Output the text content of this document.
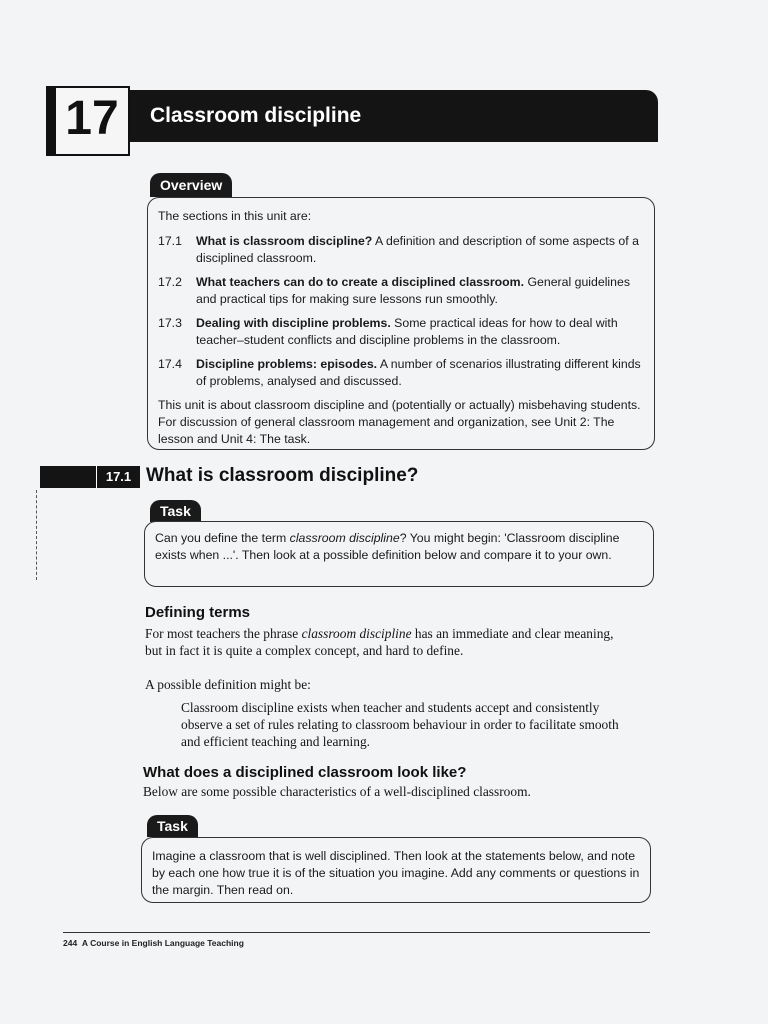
17	Classroom discipline
Overview
The sections in this unit are:
17.1	What is classroom discipline? A definition and description of some aspects of a disciplined classroom.
17.2	What teachers can do to create a disciplined classroom. General guidelines and practical tips for making sure lessons run smoothly.
17.3	Dealing with discipline problems. Some practical ideas for how to deal with teacher–student conflicts and discipline problems in the classroom.
17.4	Discipline problems: episodes. A number of scenarios illustrating different kinds of problems, analysed and discussed.
This unit is about classroom discipline and (potentially or actually) misbehaving students. For discussion of general classroom management and organization, see Unit 2: The lesson and Unit 4: The task.
17.1 What is classroom discipline?
Task
Can you define the term classroom discipline? You might begin: 'Classroom discipline exists when ...'. Then look at a possible definition below and compare it to your own.
Defining terms
For most teachers the phrase classroom discipline has an immediate and clear meaning, but in fact it is quite a complex concept, and hard to define.
A possible definition might be:
Classroom discipline exists when teacher and students accept and consistently observe a set of rules relating to classroom behaviour in order to facilitate smooth and efficient teaching and learning.
What does a disciplined classroom look like?
Below are some possible characteristics of a well-disciplined classroom.
Task
Imagine a classroom that is well disciplined. Then look at the statements below, and note by each one how true it is of the situation you imagine. Add any comments or questions in the margin. Then read on.
244 A Course in English Language Teaching
